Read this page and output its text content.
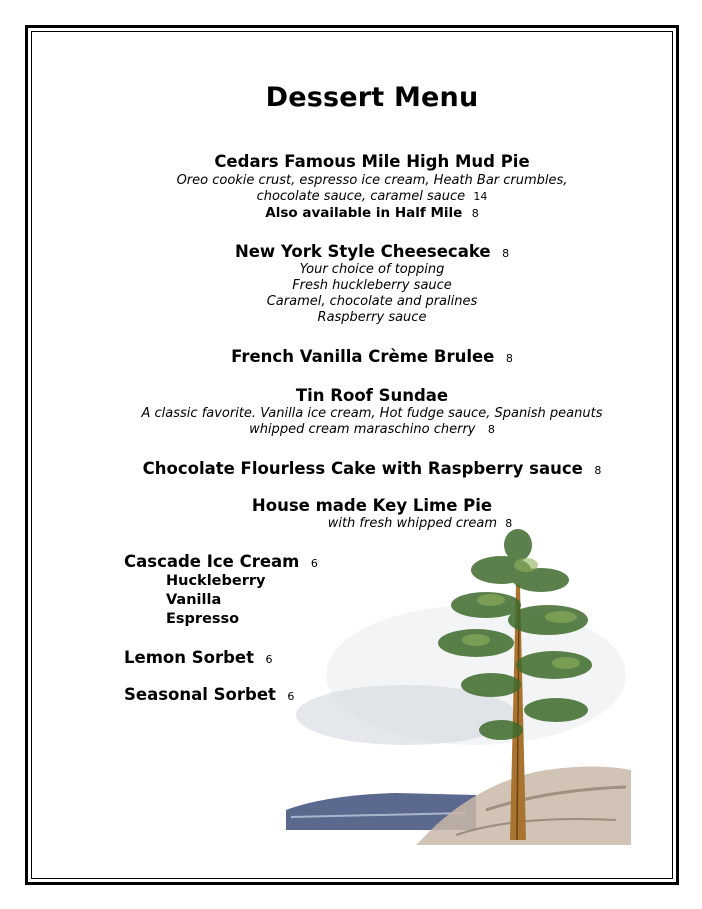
Dessert Menu
Cedars Famous Mile High Mud Pie
Oreo cookie crust, espresso ice cream, Heath Bar crumbles,
chocolate sauce, caramel sauce 14
Also available in Half Mile 8
New York Style Cheesecake 8
Your choice of topping
Fresh huckleberry sauce
Caramel, chocolate and pralines
Raspberry sauce
French Vanilla Crème Brulee 8
Tin Roof Sundae
A classic favorite. Vanilla ice cream, Hot fudge sauce, Spanish peanuts
whipped cream maraschino cherry 8
Chocolate Flourless Cake with Raspberry sauce 8
House made Key Lime Pie
with fresh whipped cream 8
Cascade Ice Cream 6
Huckleberry
Vanilla
Espresso
Lemon Sorbet 6
Seasonal Sorbet 6
